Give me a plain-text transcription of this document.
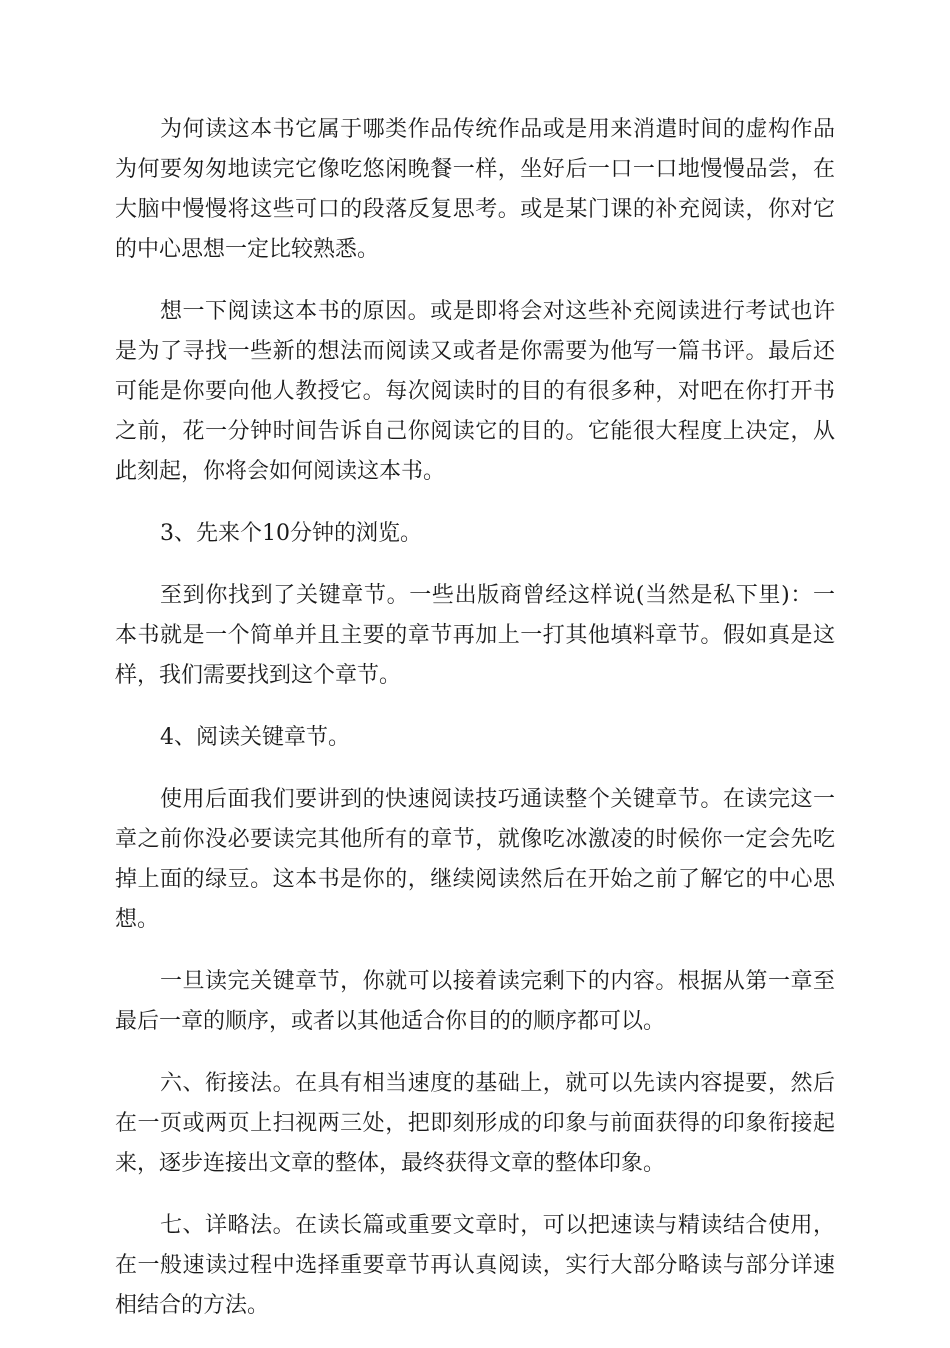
为何读这本书它属于哪类作品传统作品或是用来消遣时间的虚构作品为何要匆匆地读完它像吃悠闲晚餐一样，坐好后一口一口地慢慢品尝，在大脑中慢慢将这些可口的段落反复思考。或是某门课的补充阅读，你对它的中心思想一定比较熟悉。

想一下阅读这本书的原因。或是即将会对这些补充阅读进行考试也许是为了寻找一些新的想法而阅读又或者是你需要为他写一篇书评。最后还可能是你要向他人教授它。每次阅读时的目的有很多种，对吧在你打开书之前，花一分钟时间告诉自己你阅读它的目的。它能很大程度上决定，从此刻起，你将会如何阅读这本书。

3、先来个10分钟的浏览。

至到你找到了关键章节。一些出版商曾经这样说(当然是私下里)：一本书就是一个简单并且主要的章节再加上一打其他填料章节。假如真是这样，我们需要找到这个章节。

4、阅读关键章节。

使用后面我们要讲到的快速阅读技巧通读整个关键章节。在读完这一章之前你没必要读完其他所有的章节，就像吃冰激凌的时候你一定会先吃掉上面的绿豆。这本书是你的，继续阅读然后在开始之前了解它的中心思想。

一旦读完关键章节，你就可以接着读完剩下的内容。根据从第一章至最后一章的顺序，或者以其他适合你目的的顺序都可以。

六、衔接法。在具有相当速度的基础上，就可以先读内容提要，然后在一页或两页上扫视两三处，把即刻形成的印象与前面获得的印象衔接起来，逐步连接出文章的整体，最终获得文章的整体印象。

七、详略法。在读长篇或重要文章时，可以把速读与精读结合使用，在一般速读过程中选择重要章节再认真阅读，实行大部分略读与部分详速相结合的方法。
